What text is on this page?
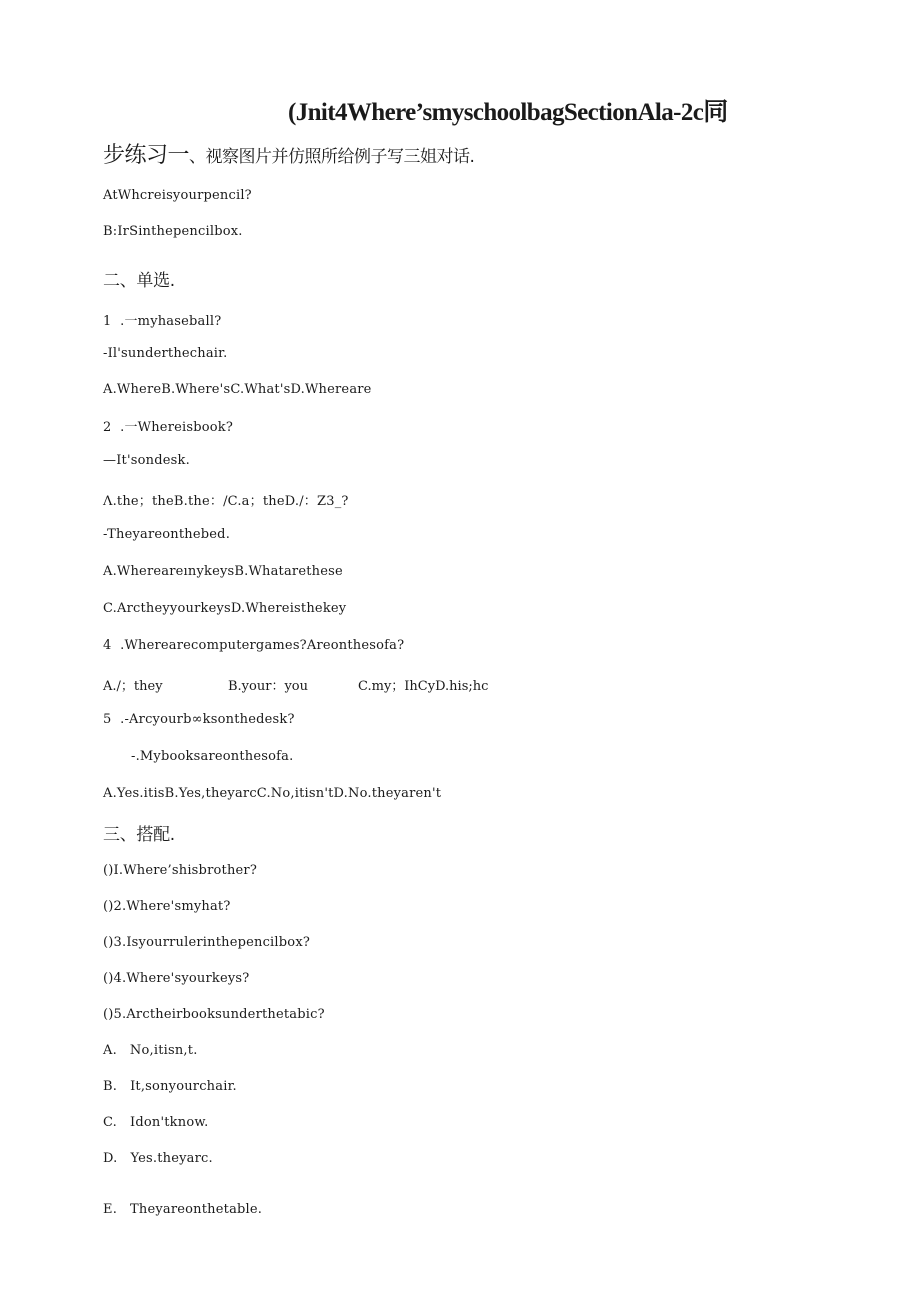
(Jnit4Where’smyschoolbagSectionAla-2c同
步练习一、视察图片并仿照所给例子写三姐对话.
AtWhcreisyourpencil?
B:IrSinthepencilbox.
二、单选.
1  .一myhaseball?
-Il'sunderthechair.
A.WhereB.Where'sC.What'sD.Whereare
2  .一Whereisbook?
—It'sondesk.
Λ.the；theB.the：/C.a；theD./：Z3_?
-Theyareonthebed.
A.WhereareınykeysB.Whatarethese
C.ArctheyyourkeysD.Whereisthekey
4  .Wherearecomputergames?Areonthesofa?
A./；they	B.your：you	C.my；IhCyD.his;hc
5  .-Arcyourb∞ksonthedesk?
-.Mybooksareonthesofa.
A.Yes.itisB.Yes,theyarcC.No,itisn'tD.No.theyaren't
三、搭配.
()I.Where’shisbrother?
()2.Where'smyhat?
()3.Isyourrulerinthepencilbox?
()4.Where'syourkeys?
()5.Arctheirbooksunderthetabic?
A.   No,itisn,t.
B.   It,sonyourchair.
C.   Idon'tknow.
D.   Yes.theyarc.
E.   Theyareonthetable.
